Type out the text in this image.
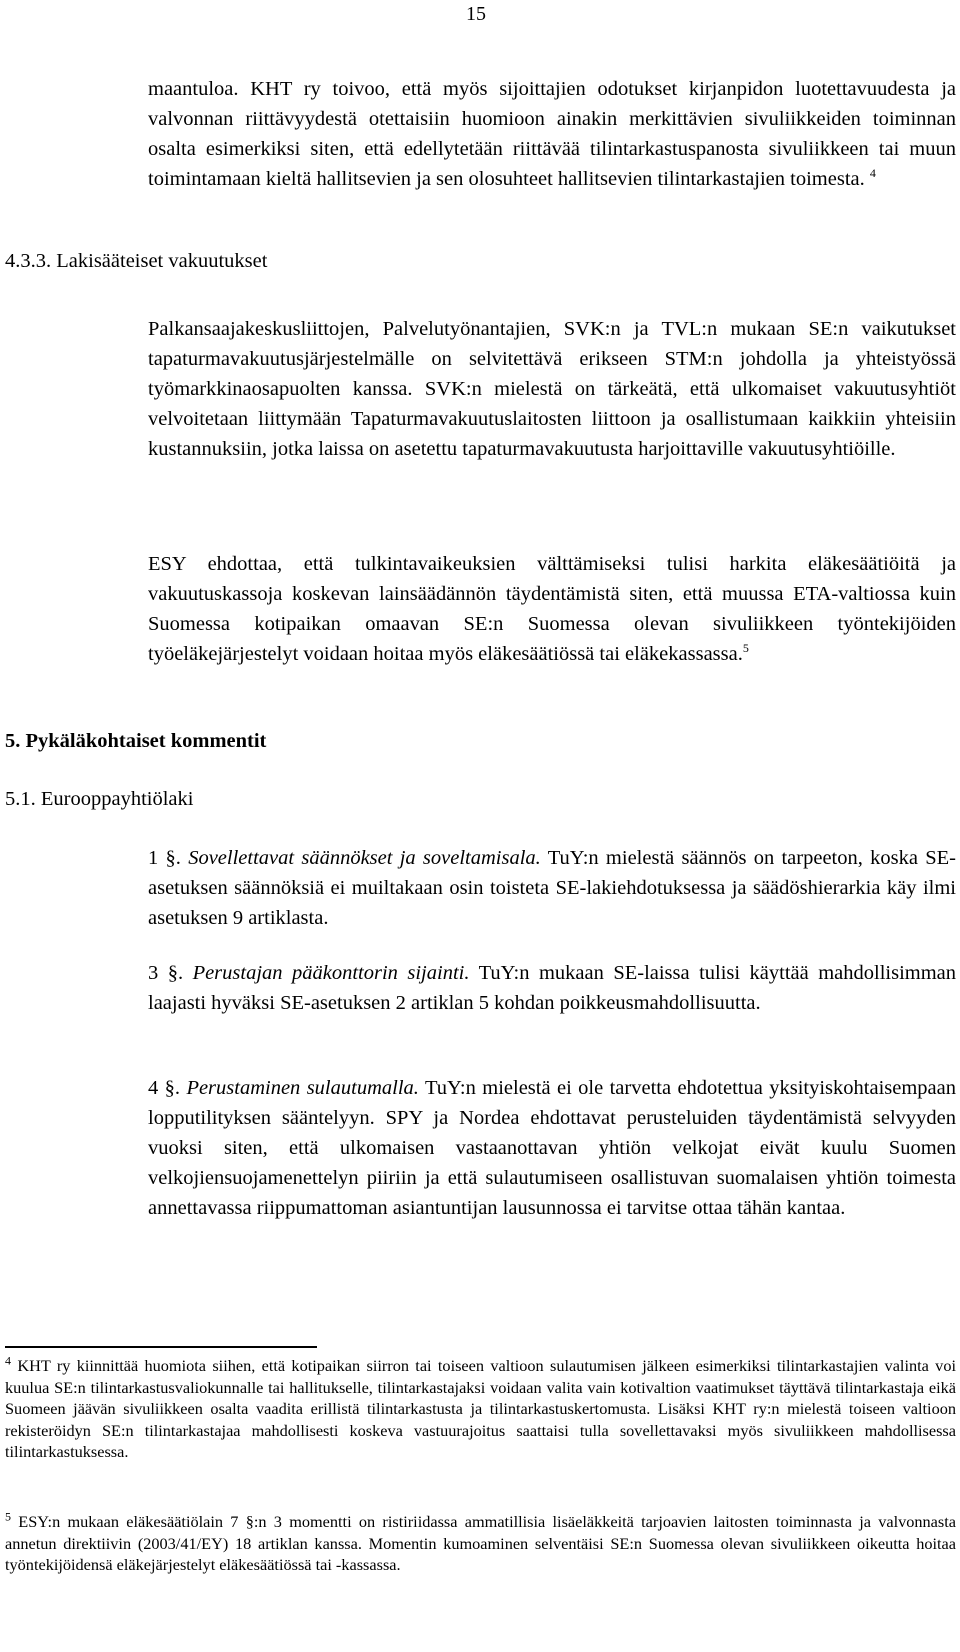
15

maantuloa. KHT ry toivoo, että myös sijoittajien odotukset kirjanpidon luotettavuudesta ja valvonnan riittävyydestä otettaisiin huomioon ainakin merkittävien sivuliikkeiden toiminnan osalta esimerkiksi siten, että edellytetään riittävää tilintarkastuspanosta sivuliikkeen tai muun toimintamaan kieltä hallitsevien ja sen olosuhteet hallitsevien tilintarkastajien toimesta. $^4$

4.3.3. Lakisääteiset vakuutukset

Palkansaajakeskusliittojen, Palvelutyönantajien, SVK:n ja TVL:n mukaan SE:n vaikutukset tapaturmavakuutusjärjestelmälle on selvitettävä erikseen STM:n johdolla ja yhteistyössä työmarkkinaosapuolten kanssa. SVK:n mielestä on tärkeätä, että ulkomaiset vakuutusyhtiöt velvoitetaan liittymään Tapaturmavakuutuslaitosten liittoon ja osallistumaan kaikkiin yhteisiin kustannuksiin, jotka laissa on asetettu tapaturmavakuutusta harjoittaville vakuutusyhtiöille.

ESY ehdottaa, että tulkintavaikeuksien välttämiseksi tulisi harkita eläkesäätiöitä ja vakuutuskassoja koskevan lainsäädännön täydentämistä siten, että muussa ETA-valtiossa kuin Suomessa kotipaikan omaavan SE:n Suomessa olevan sivuliikkeen työntekijöiden työeläkejärjestelyt voidaan hoitaa myös eläkesäätiössä tai eläkekassassa.$^5$

5. Pykäläkohtaiset kommentit
5.1. Eurooppayhtiölaki

1 §. Sovellettavat säännökset ja soveltamisala. TuY:n mielestä säännös on tarpeeton, koska SE-asetuksen säännöksiä ei muiltakaan osin toisteta SE-lakiehdotuksessa ja säädöshierarkia käy ilmi asetuksen 9 artiklasta.

3 §. Perustajan pääkonttorin sijainti. TuY:n mukaan SE-laissa tulisi käyttää mahdollisimman laajasti hyväksi SE-asetuksen 2 artiklan 5 kohdan poikkeusmahdollisuutta.

4 §. Perustaminen sulautumalla. TuY:n mielestä ei ole tarvetta ehdotettua yksityiskohtaisempaan lopputilityksen sääntelyyn. SPY ja Nordea ehdottavat perusteluiden täydentämistä selvyyden vuoksi siten, että ulkomaisen vastaanottavan yhtiön velkojat eivät kuulu Suomen velkojiensuojamenettelyn piiriin ja että sulautumiseen osallistuvan suomalaisen yhtiön toimesta annettavassa riippumattoman asiantuntijan lausunnossa ei tarvitse ottaa tähän kantaa.

$^4$ KHT ry kiinnittää huomiota siihen, että kotipaikan siirron tai toiseen valtioon sulautumisen jälkeen esimerkiksi tilintarkastajien valinta voi kuulua SE:n tilintarkastusvaliokunnalle tai hallitukselle, tilintarkastajaksi voidaan valita vain kotivaltion vaatimukset täyttävä tilintarkastaja eikä Suomeen jäävän sivuliikkeen osalta vaadita erillistä tilintarkastusta ja tilintarkastuskertomusta. Lisäksi KHT ry:n mielestä toiseen valtioon rekisteröidyn SE:n tilintarkastajaa mahdollisesti koskeva vastuurajoitus saattaisi tulla sovellettavaksi myös sivuliikkeen mahdollisessa tilintarkastuksessa.

$^5$ ESY:n mukaan eläkesäätiölain 7 §:n 3 momentti on ristiriidassa ammatillisia lisäeläkkeitä tarjoavien laitosten toiminnasta ja valvonnasta annetun direktiivin (2003/41/EY) 18 artiklan kanssa. Momentin kumoaminen selventäisi SE:n Suomessa olevan sivuliikkeen oikeutta hoitaa työntekijöidensä eläkejärjestelyt eläkesäätiössä tai -kassassa.
